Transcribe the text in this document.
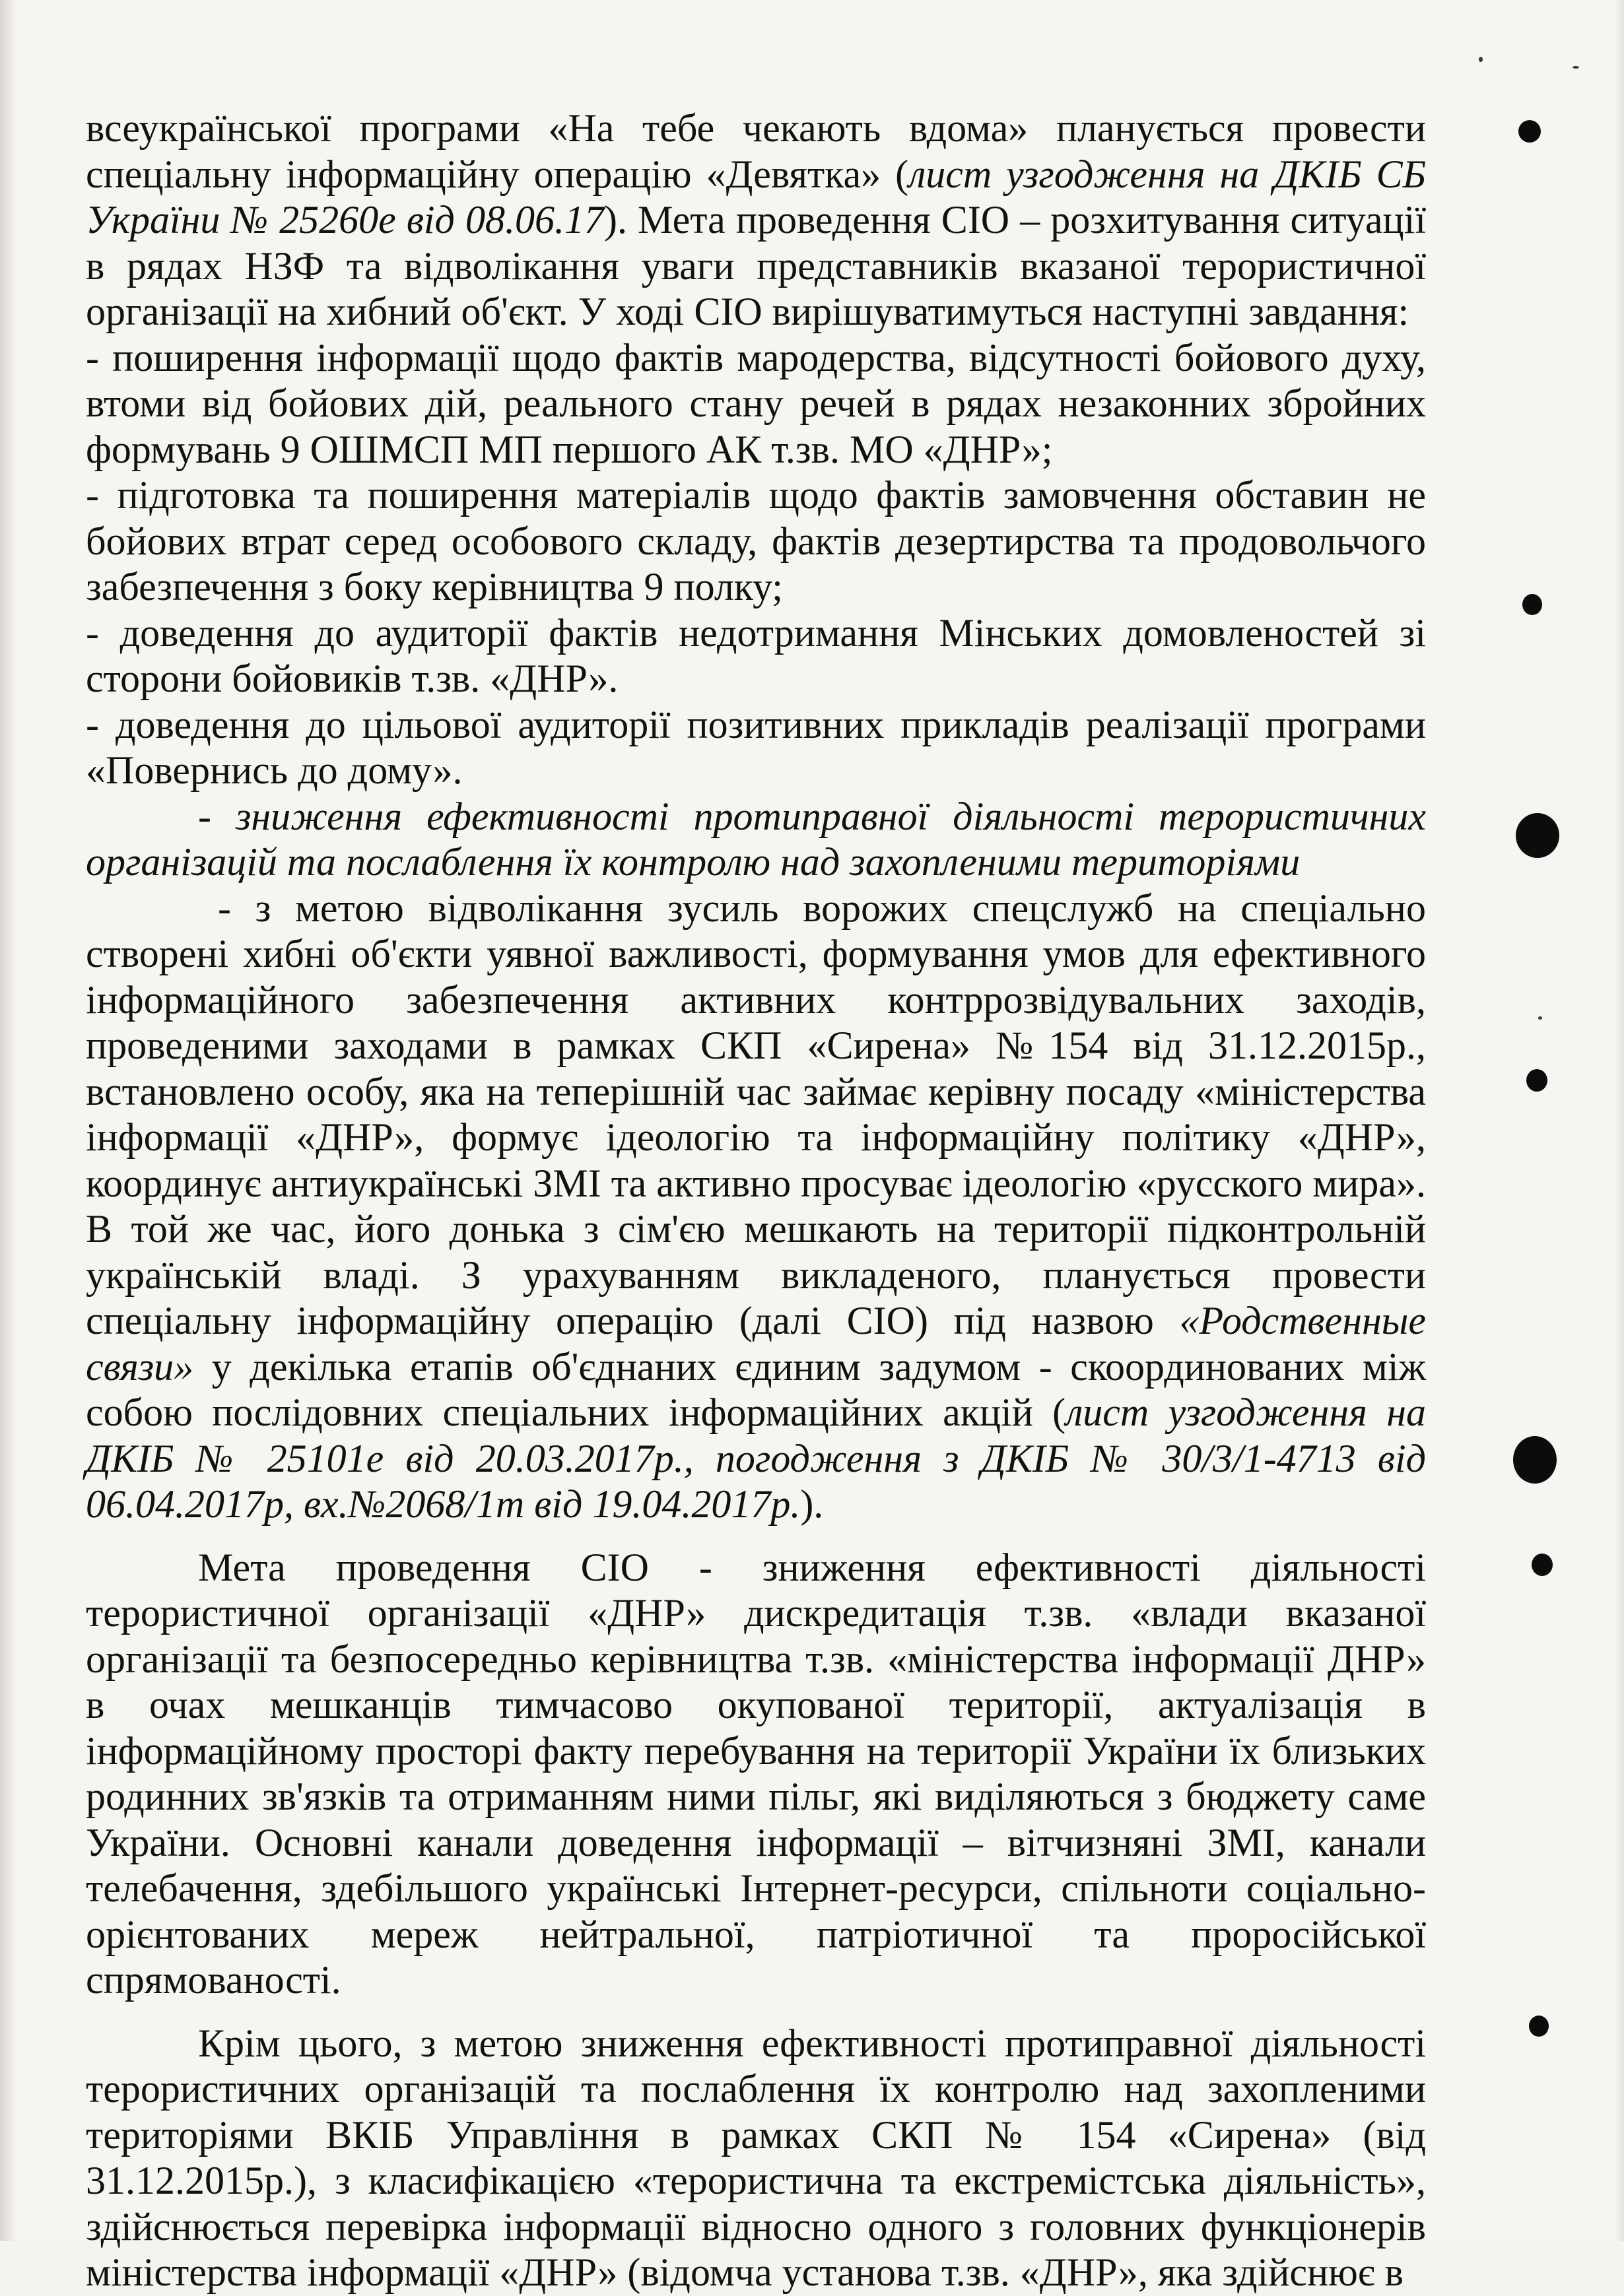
всеукраїнської програми «На тебе чекають вдома» планується провести спеціальну інформаційну операцію «Девятка» (лист узгодження на ДКІБ СБ України № 25260е від 08.06.17). Мета проведення СІО – розхитування ситуації в рядах НЗФ та відволікання уваги представників вказаної терористичної організації на хибний об'єкт. У ході СІО вирішуватимуться наступні завдання:

- поширення інформації щодо фактів мародерства, відсутності бойового духу, втоми від бойових дій, реального стану речей в рядах незаконних збройних формувань 9 ОШМСП МП першого АК т.зв. МО «ДНР»;

- підготовка та поширення матеріалів щодо фактів замовчення обставин не бойових втрат серед особового складу, фактів дезертирства та продовольчого забезпечення з боку керівництва 9 полку;

- доведення до аудиторії фактів недотримання Мінських домовленостей зі сторони бойовиків т.зв. «ДНР».

- доведення до цільової аудиторії позитивних прикладів реалізації програми «Повернись до дому».

- зниження ефективності протиправної діяльності терористичних організацій та послаблення їх контролю над захопленими територіями

- з метою відволікання зусиль ворожих спецслужб на спеціально створені хибні об'єкти уявної важливості, формування умов для ефективного інформаційного забезпечення активних контррозвідувальних заходів, проведеними заходами в рамках СКП «Сирена» №154 від 31.12.2015р., встановлено особу, яка на теперішній час займає керівну посаду «міністерства інформації «ДНР», формує ідеологію та інформаційну політику «ДНР», координує антиукраїнські ЗМІ та активно просуває ідеологію «русского мира». В той же час, його донька з сім'єю мешкають на території підконтрольній українській владі. З урахуванням викладеного, планується провести спеціальну інформаційну операцію (далі СІО) під назвою «Родственные связи» у декілька етапів об'єднаних єдиним задумом - скоординованих між собою послідовних спеціальних інформаційних акцій (лист узгодження на ДКІБ № 25101е від 20.03.2017р., погодження з ДКІБ № 30/3/1-4713 від 06.04.2017р, вх.№2068/1т від 19.04.2017р.).

Мета проведення СІО - зниження ефективності діяльності терористичної організації «ДНР» дискредитація т.зв. «влади вказаної організації та безпосередньо керівництва т.зв. «міністерства інформації ДНР» в очах мешканців тимчасово окупованої території, актуалізація в інформаційному просторі факту перебування на території України їх близьких родинних зв'язків та отриманням ними пільг, які виділяються з бюджету саме України. Основні канали доведення інформації – вітчизняні ЗМІ, канали телебачення, здебільшого українські Інтернет-ресурси, спільноти соціально-орієнтованих мереж нейтральної, патріотичної та проросійської спрямованості.

Крім цього, з метою зниження ефективності протиправної діяльності терористичних організацій та послаблення їх контролю над захопленими територіями ВКІБ Управління в рамках СКП № 154 «Сирена» (від 31.12.2015р.), з класифікацією «терористична та екстремістська діяльність», здійснюється перевірка інформації відносно одного з головних функціонерів міністерства інформації «ДНР» (відомча установа т.зв. «ДНР», яка здійснює в
